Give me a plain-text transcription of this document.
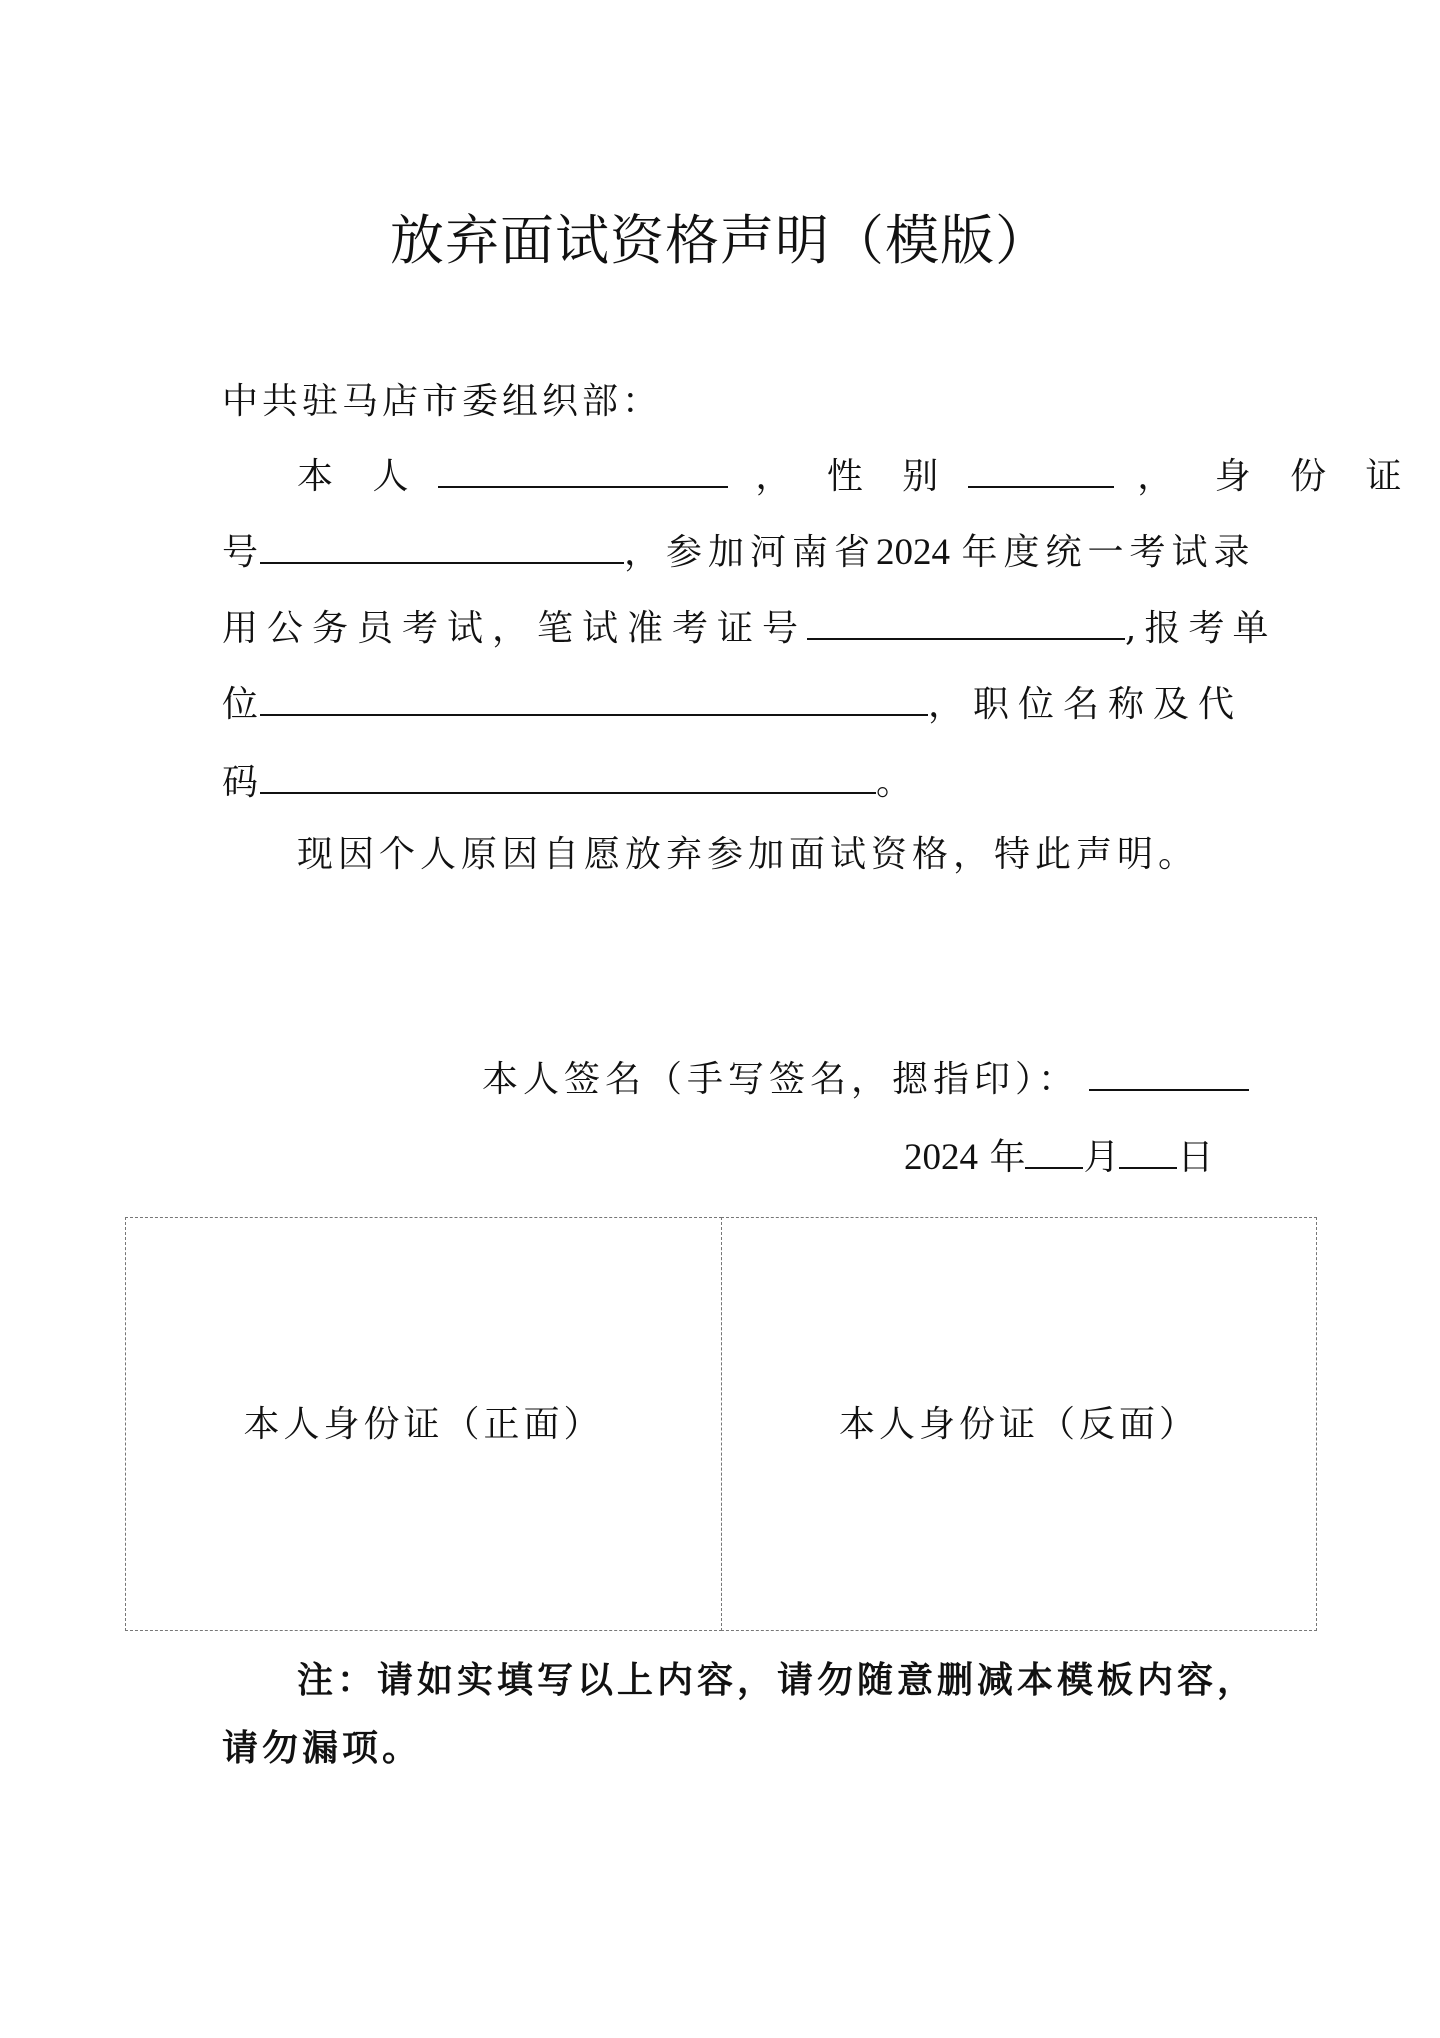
放弃面试资格声明（模版）
中共驻马店市委组织部：
本 人	， 性 别	， 身 份 证
号	，参加河南省2024 年度统一考试录
用公务员考试，笔试准考证号	,报考单
位	，职位名称及代
码	。
现因个人原因自愿放弃参加面试资格，特此声明。
本人签名（手写签名，摁指印）：
2024 年 月 日
本人身份证（正面）	本人身份证（反面）
注：请如实填写以上内容，请勿随意删减本模板内容，
请勿漏项。
